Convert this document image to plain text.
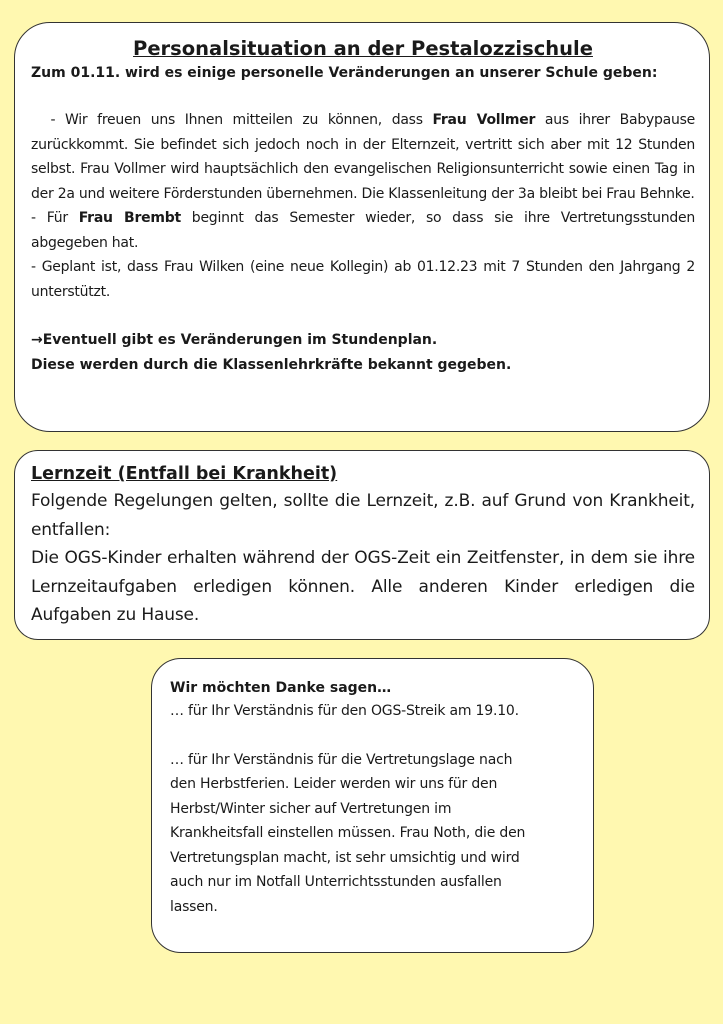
Personalsituation an der Pestalozzischule

Zum 01.11. wird es einige personelle Veränderungen an unserer Schule geben:

- Wir freuen uns Ihnen mitteilen zu können, dass Frau Vollmer aus ihrer Babypause zurückkommt. Sie befindet sich jedoch noch in der Elternzeit, vertritt sich aber mit 12 Stunden selbst. Frau Vollmer wird hauptsächlich den evangelischen Religionsunterricht sowie einen Tag in der 2a und weitere Förderstunden übernehmen. Die Klassenleitung der 3a bleibt bei Frau Behnke.

- Für Frau Brembt beginnt das Semester wieder, so dass sie ihre Vertretungsstunden abgegeben hat.

- Geplant ist, dass Frau Wilken (eine neue Kollegin) ab 01.12.23 mit 7 Stunden den Jahrgang 2 unterstützt.

→Eventuell gibt es Veränderungen im Stundenplan.

Diese werden durch die Klassenlehrkräfte bekannt gegeben.

Lernzeit (Entfall bei Krankheit)

Folgende Regelungen gelten, sollte die Lernzeit, z.B. auf Grund von Krankheit, entfallen:

Die OGS-Kinder erhalten während der OGS-Zeit ein Zeitfenster, in dem sie ihre Lernzeitaufgaben erledigen können. Alle anderen Kinder erledigen die Aufgaben zu Hause.

Wir möchten Danke sagen…

… für Ihr Verständnis für den OGS-Streik am 19.10.

… für Ihr Verständnis für die Vertretungslage nach
den Herbstferien. Leider werden wir uns für den
Herbst/Winter sicher auf Vertretungen im
Krankheitsfall einstellen müssen. Frau Noth, die den
Vertretungsplan macht, ist sehr umsichtig und wird
auch nur im Notfall Unterrichtsstunden ausfallen
lassen.
